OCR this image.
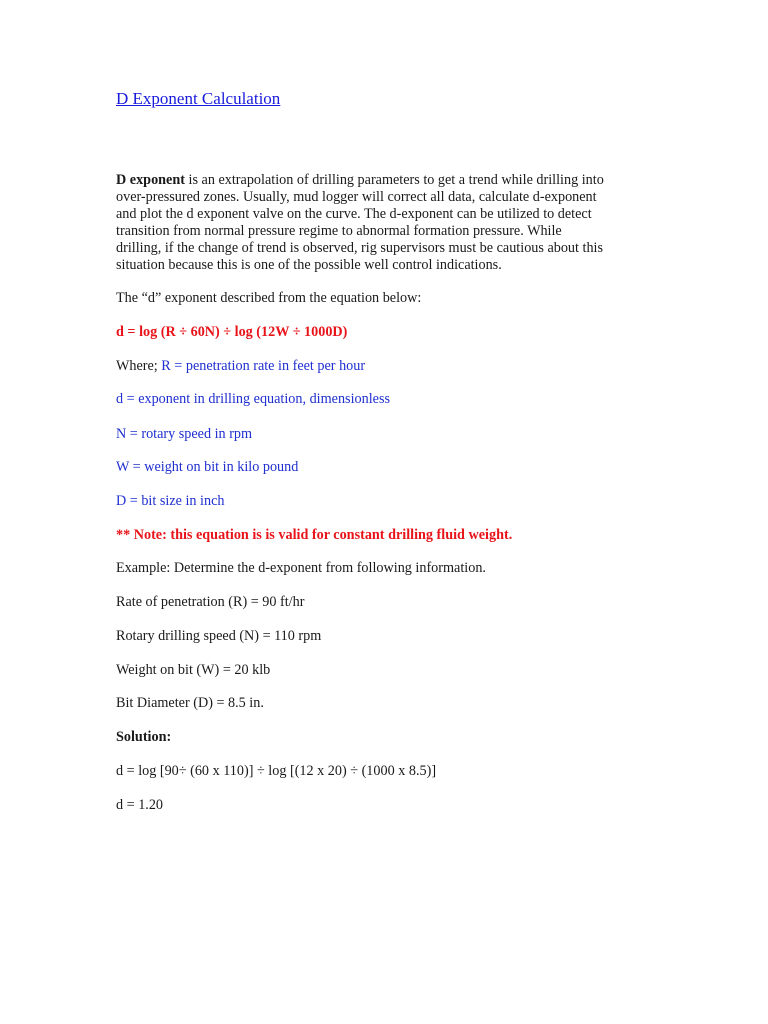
D Exponent Calculation
D exponent is an extrapolation of drilling parameters to get a trend while drilling into
over-pressured zones. Usually, mud logger will correct all data, calculate d-exponent
and plot the d exponent valve on the curve. The d-exponent can be utilized to detect
transition from normal pressure regime to abnormal formation pressure. While
drilling, if the change of trend is observed, rig supervisors must be cautious about this
situation because this is one of the possible well control indications.
The “d” exponent described from the equation below:
d = log (R ÷ 60N) ÷ log (12W ÷ 1000D)
Where; R = penetration rate in feet per hour
d = exponent in drilling equation, dimensionless
N = rotary speed in rpm
W = weight on bit in kilo pound
D = bit size in inch
** Note: this equation is is valid for constant drilling fluid weight.
Example: Determine the d-exponent from following information.
Rate of penetration (R) = 90 ft/hr
Rotary drilling speed (N) = 110 rpm
Weight on bit (W) = 20 klb
Bit Diameter (D) = 8.5 in.
Solution:
d = log [90÷ (60 x 110)] ÷ log [(12 x 20) ÷ (1000 x 8.5)]
d = 1.20
